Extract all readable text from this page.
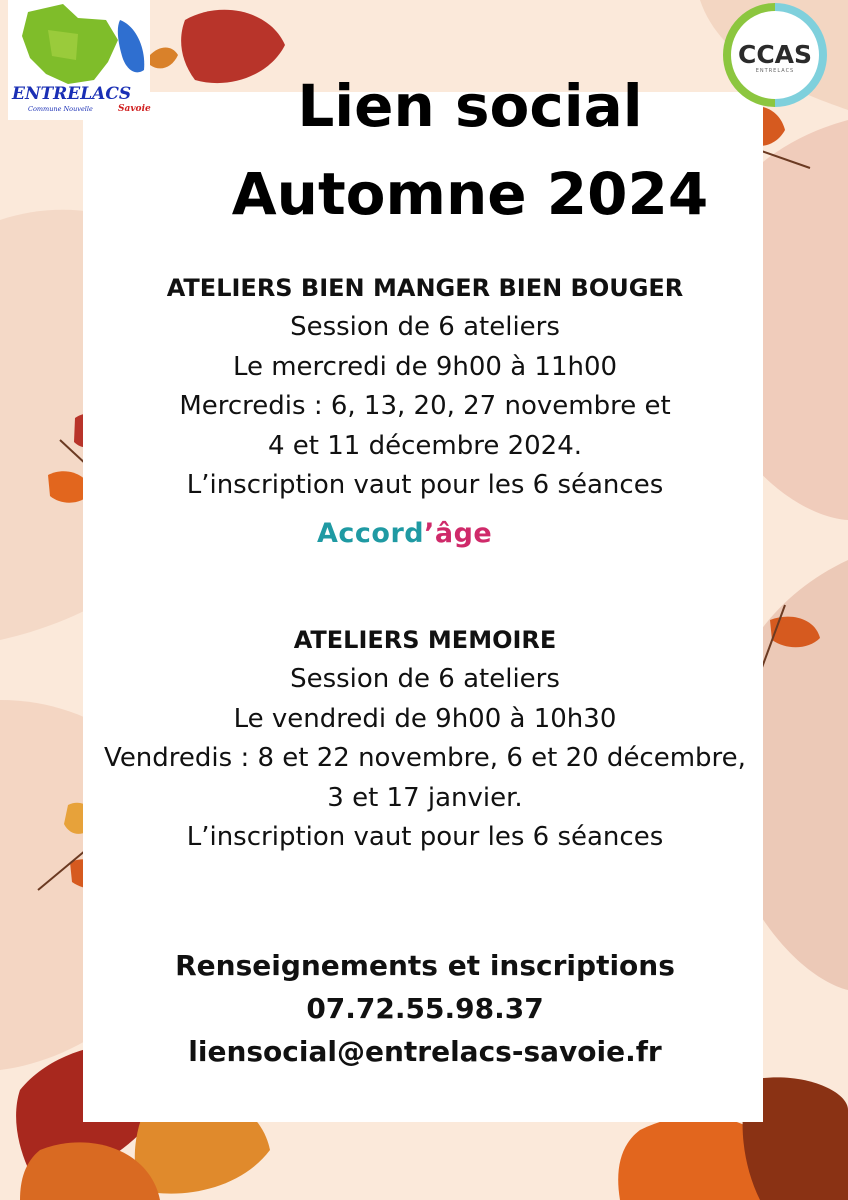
ENTRELACS
Commune Nouvelle	Savoie
CCAS
ENTRELACS
Lien social
Automne 2024
ATELIERS BIEN MANGER BIEN BOUGER
Session de 6 ateliers
Le mercredi de 9h00 à 11h00
Mercredis : 6, 13, 20, 27 novembre et
4 et 11 décembre 2024.
L’inscription vaut pour les 6 séances
Accord’âge
ATELIERS MEMOIRE
Session de 6 ateliers
Le vendredi de 9h00 à 10h30
Vendredis : 8 et 22 novembre, 6 et 20 décembre,
3 et 17 janvier.
L’inscription vaut pour les 6 séances
Renseignements et inscriptions
07.72.55.98.37
liensocial@entrelacs-savoie.fr
